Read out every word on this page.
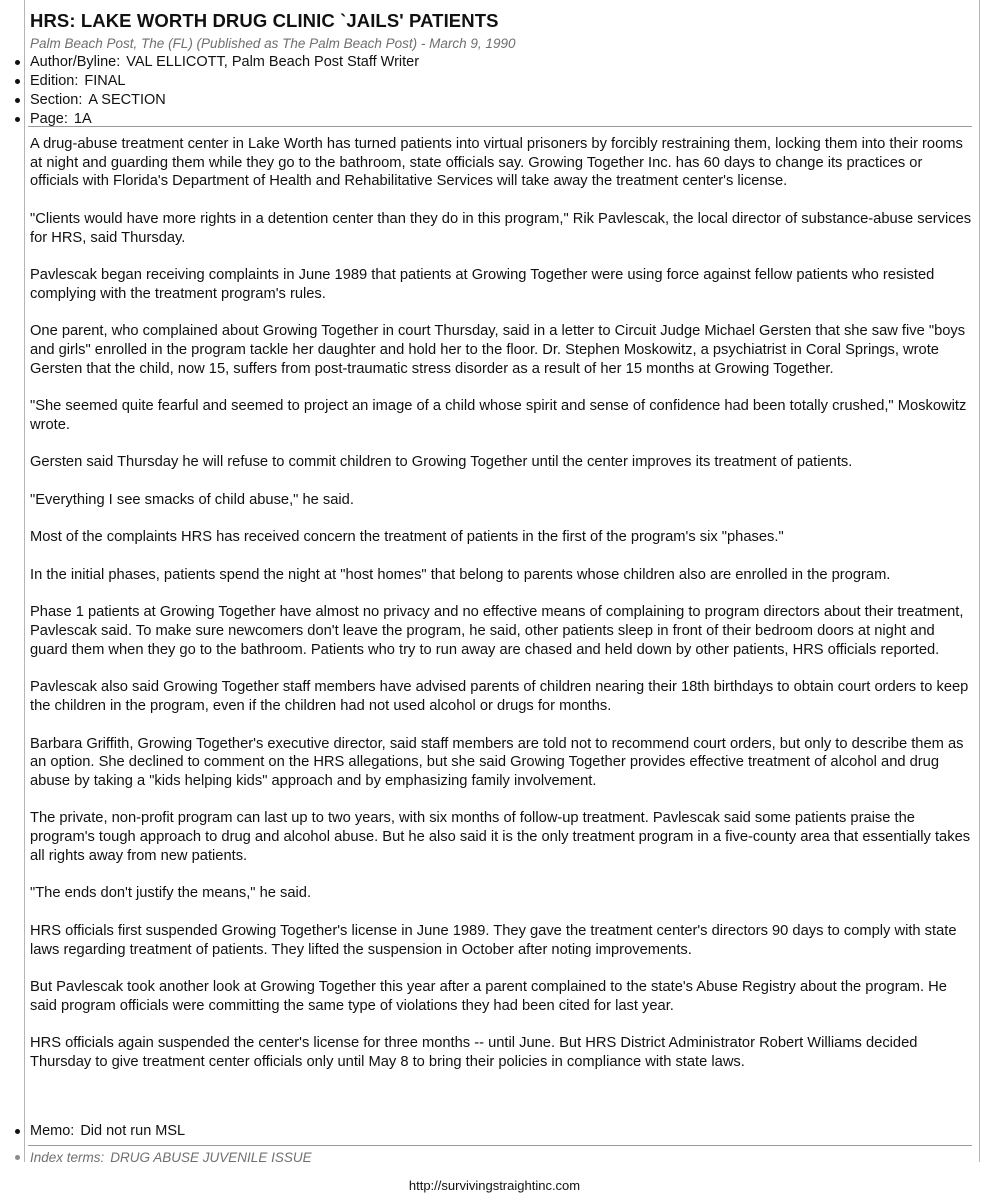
HRS: LAKE WORTH DRUG CLINIC `JAILS' PATIENTS
Palm Beach Post, The (FL) (Published as The Palm Beach Post) - March 9, 1990
Author/Byline: VAL ELLICOTT, Palm Beach Post Staff Writer
Edition: FINAL
Section: A SECTION
Page: 1A

A drug-abuse treatment center in Lake Worth has turned patients into virtual prisoners by forcibly restraining them, locking them into their rooms at night and guarding them while they go to the bathroom, state officials say. Growing Together Inc. has 60 days to change its practices or officials with Florida's Department of Health and Rehabilitative Services will take away the treatment center's license.

"Clients would have more rights in a detention center than they do in this program," Rik Pavlescak, the local director of substance-abuse services for HRS, said Thursday.

Pavlescak began receiving complaints in June 1989 that patients at Growing Together were using force against fellow patients who resisted complying with the treatment program's rules.

One parent, who complained about Growing Together in court Thursday, said in a letter to Circuit Judge Michael Gersten that she saw five "boys and girls" enrolled in the program tackle her daughter and hold her to the floor. Dr. Stephen Moskowitz, a psychiatrist in Coral Springs, wrote Gersten that the child, now 15, suffers from post-traumatic stress disorder as a result of her 15 months at Growing Together.

"She seemed quite fearful and seemed to project an image of a child whose spirit and sense of confidence had been totally crushed," Moskowitz wrote.

Gersten said Thursday he will refuse to commit children to Growing Together until the center improves its treatment of patients.

"Everything I see smacks of child abuse," he said.

Most of the complaints HRS has received concern the treatment of patients in the first of the program's six "phases."

In the initial phases, patients spend the night at "host homes" that belong to parents whose children also are enrolled in the program.

Phase 1 patients at Growing Together have almost no privacy and no effective means of complaining to program directors about their treatment, Pavlescak said. To make sure newcomers don't leave the program, he said, other patients sleep in front of their bedroom doors at night and guard them when they go to the bathroom. Patients who try to run away are chased and held down by other patients, HRS officials reported.

Pavlescak also said Growing Together staff members have advised parents of children nearing their 18th birthdays to obtain court orders to keep the children in the program, even if the children had not used alcohol or drugs for months.

Barbara Griffith, Growing Together's executive director, said staff members are told not to recommend court orders, but only to describe them as an option. She declined to comment on the HRS allegations, but she said Growing Together provides effective treatment of alcohol and drug abuse by taking a "kids helping kids" approach and by emphasizing family involvement.

The private, non-profit program can last up to two years, with six months of follow-up treatment. Pavlescak said some patients praise the program's tough approach to drug and alcohol abuse. But he also said it is the only treatment program in a five-county area that essentially takes all rights away from new patients.

"The ends don't justify the means," he said.

HRS officials first suspended Growing Together's license in June 1989. They gave the treatment center's directors 90 days to comply with state laws regarding treatment of patients. They lifted the suspension in October after noting improvements.

But Pavlescak took another look at Growing Together this year after a parent complained to the state's Abuse Registry about the program. He said program officials were committing the same type of violations they had been cited for last year.

HRS officials again suspended the center's license for three months -- until June. But HRS District Administrator Robert Williams decided Thursday to give treatment center officials only until May 8 to bring their policies in compliance with state laws.

Memo: Did not run MSL
Index terms: DRUG ABUSE JUVENILE ISSUE
http://survivingstraightinc.com
